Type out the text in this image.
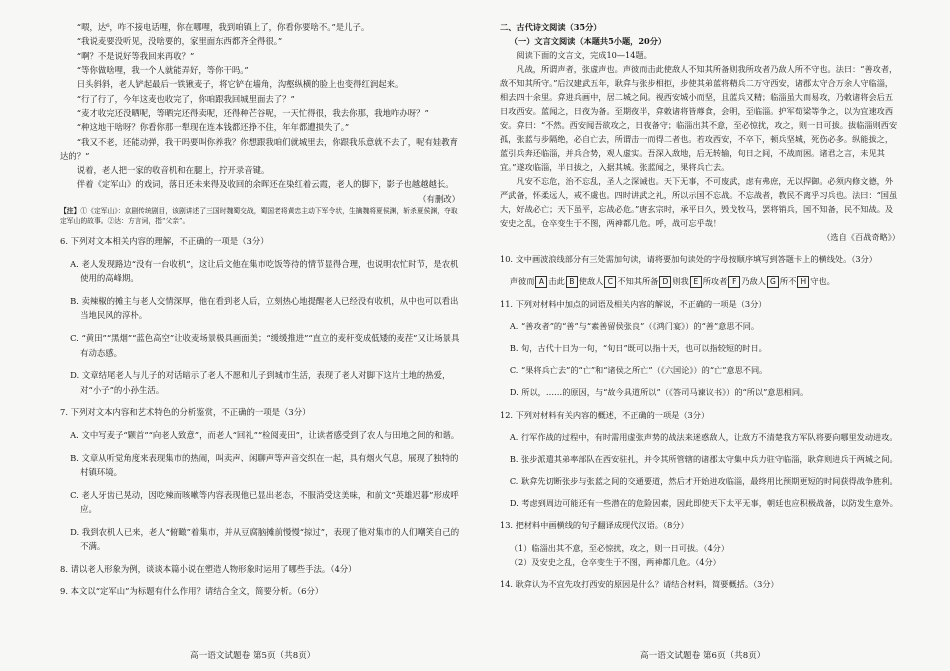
“喂，达⁶，咋不接电话哩，你在哪哩，我到咱镇上了，你看你要啥不。”是儿子。

“我说麦要没听见，没啥要的，家里面东西都齐全得很。”

“啊？不是说好等我回来再收？”

“等你做啥哩，我一个人就能弄好，等你干吗。”

日头斜斜，老人铲起最后一铁锹麦子，将它铲在墙角，沟壑纵横的脸上也变得红润起来。

“行了行了，今年这麦也收完了，你咱跟我回城里面去了？”

“麦才收完还没晒呢，等晒完还得卖呢，还得种芒谷呢，一天忙得很，我去你那，我地咋办呀？”

“种这地干啥呀？你看你那一犁现在连本钱都还挣不住，年年都遭损失了。”

“我又不老，还能动弹，我干吗要叫你养我？你想跟我咱们就城里去，你跟我乐意就不去了，呢有娃教育达的？”

说着，老人把一家的收音机和在腿上，拧开录音键。

伴着《定军山》的戏词，落日还未来得及收回的余晖还在染红着云霞，老人的脚下，影子也越越越长。

（有删改）

【注】①《定军山》：京剧传统剧目，该剧讲述了三国时魏蜀交战，蜀国老将黄忠主动下军令状，生擒魏将夏侯渊，斩杀夏侯渊，夺取定军山的故事。②达：方言词，指“父亲”。

6. 下列对文本相关内容的理解，不正确的一项是（3分）

A. 老人发现路边“没有一台收机”，这让后文他在集市吃饭等待的情节显得合理，也说明农忙时节，是农机使用的高峰期。

B. 卖辣椒的摊主与老人交情深厚，他在看到老人后，立刻热心地提醒老人已经没有收机，从中也可以看出当地民风的淳朴。

C. “黄田”“黑烟”“蓝色高空”让收麦场景极具画面美；“缓缓推进”“直立的麦秆变成低矮的麦茬”又让场景具有动态感。

D. 文章结尾老人与儿子的对话暗示了老人不愿和儿子到城市生活，表现了老人对脚下这片土地的热爱，对“小子”的小孙生活。

7. 下列对文本内容和艺术特色的分析鉴赏，不正确的一项是（3分）

A. 文中写麦子“颗首”“向老人致意”，而老人“回礼”“检阅麦田”，让读者感受到了农人与田地之间的和谐。

B. 文章从听觉角度来表现集市的热闹，叫卖声、闲聊声等声音交织在一起，具有烟火气息，展现了独特的村镇环境。

C. 老人牙齿已晃动，因吃辣而咳嗽等内容表现他已显出老态，不服消受这美味，和前文“英雄迟暮”形成呼应。

D. 我到农机人已来，老人“俯瞰”着集市，并从豆腐脑摊前慢慢“掠过”，表现了他对集市的人们嘲笑自己的不满。

8. 请以老人形象为例，谈谈本篇小说在塑造人物形象时运用了哪些手法。（4分）

9. 本文以“定军山”为标题有什么作用？请结合全文，简要分析。（6分）

高一语文试题卷 第5页（共8页）

二、古代诗文阅读（35分）

（一）文言文阅读（本题共5小题，20分）

阅读下面的文言文，完成10—14题。

凡战，所谓声者，张虚声也。声彼而击此使敌人不知其所备则我所攻者乃敌人所不守也。法曰：“善攻者，敌不知其所守。”后汉建武五年，耿弇与张步相拒，步使其弟蓝将精兵二万守西安，诸郡太守合万余人守临淄，相去四十余里。弇进兵画中，居二城之间。视西安城小而坚，且蓝兵又精；临淄虽大而易攻，乃敕诸将会后五日攻西安。蓝闻之，日夜为备。至期夜半，弇敕诸将皆蓐食，会明，至临淄。护军荀梁等争之，以为宜速攻西安。弇曰：“不然。西安闻吾欲攻之，日夜备守；临淄出其不意，至必惊扰，攻之，则一日可拔。拔临淄则西安孤，张蓝与步隔绝，必自亡去，所谓击一而得二者也。若攻西安，不卒下，顿兵坚城，死伤必多。纵能拔之，蓝引兵奔还临淄，并兵合势，观人虚实。吾深入敌地，后无转输，旬日之间，不战而困。诸君之言，未见其宜。”遂攻临淄，半日拔之，入据其城。张蓝闻之，果将兵亡去。

凡安不忘危，治不忘乱，圣人之深诫也。天下无事，不可废武，虑有弗庶，无以捍御。必须内修文德，外严武备，怀柔远人，戒不虞也。四时讲武之礼，所以示国不忘战。不忘战者，教民不离乎习兵也。法曰：“国虽大，好战必亡；天下虽平，忘战必危。”唐玄宗时，承平日久，毁戈牧马，罢将销兵，国不知备，民不知战。及安史之乱，仓卒变生于不图，两神都几危。呼，战可忘乎哉！

（选自《百战奇略》）

10. 文中画波浪线部分有三处需加句读，请将要加句读处的字母按顺序填写到答题卡上的横线处。（3分）

声彼而 A 击此 B 使敌人 C 不知其所备 D 则我 E 所攻者 F 乃敌人 G 所不 H 守也。

11. 下列对材料中加点的词语及相关内容的解说，不正确的一项是（3分）

A. “善攻者”的“善”与“素善留侯张良”（《鸿门宴》）的“善”意思不同。

B. 旬，古代十日为一旬，“旬日”既可以指十天，也可以指较短的时日。

C. “果将兵亡去”的“亡”和“诸侯之所亡”（《六国论》）的“亡”意思不同。

D. 所以，……的原因，与“故今具道所以”（《答司马谏议书》）的“所以”意思相同。

12. 下列对材料有关内容的概述，不正确的一项是（3分）

A. 行军作战的过程中，有时需用虚张声势的战法来迷惑敌人，让敌方不清楚我方军队将要向哪里发动进攻。

B. 张步派遣其弟率部队在西安驻扎，并令其所管辖的诸郡太守集中兵力驻守临淄，耿弇则进兵于两城之间。

C. 耿弇先切断张步与张蓝之间的交通要道，然后才开始进攻临淄，最终用比预期更短的时间获得战争胜利。

D. 考虑到周边可能还有一些潜在的危险因素，因此即使天下太平无事，朝廷也应积极战备，以防发生意外。

13. 把材料中画横线的句子翻译成现代汉语。（8分）

（1）临淄出其不意，至必惊扰，攻之，则一日可拔。（4分）

（2）及安史之乱，仓卒变生于不图，两神都几危。（4分）

14. 耿弇认为不宜先攻打西安的原因是什么？请结合材料，简要概括。（3分）

高一语文试题卷 第6页（共8页）
